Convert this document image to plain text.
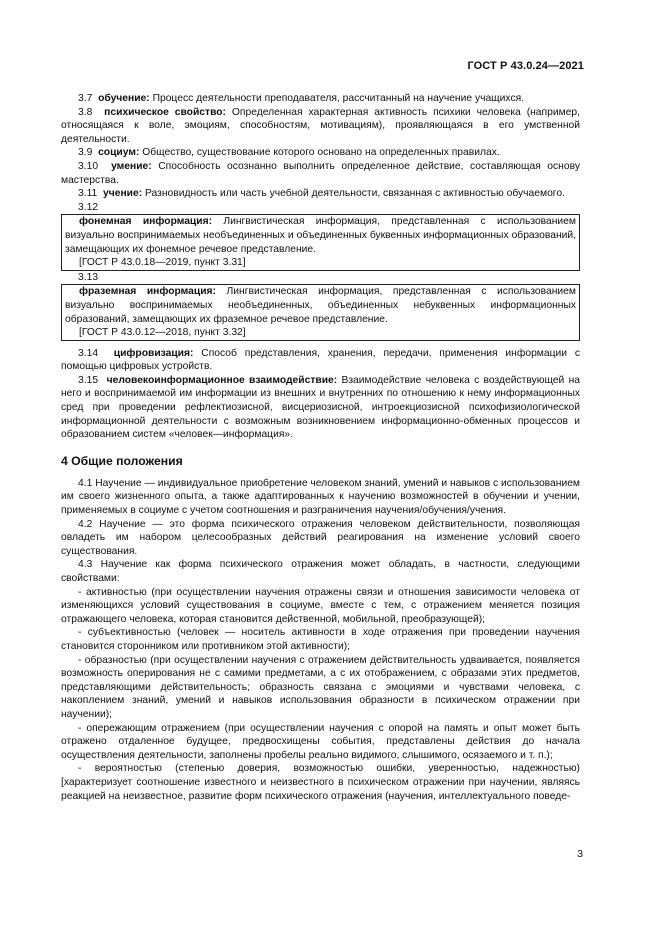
ГОСТ Р 43.0.24—2021

3.7 обучение: Процесс деятельности преподавателя, рассчитанный на научение учащихся.

3.8 психическое свойство: Определенная характерная активность психики человека (например, относящаяся к воле, эмоциям, способностям, мотивациям), проявляющаяся в его умственной деятельности.

3.9 социум: Общество, существование которого основано на определенных правилах.

3.10 умение: Способность осознанно выполнить определенное действие, составляющая основу мастерства.

3.11 учение: Разновидность или часть учебной деятельности, связанная с активностью обучаемого.

3.12

фонемная информация: Лингвистическая информация, представленная с использованием визуально воспринимаемых необъединенных и объединенных буквенных информационных образований, замещающих их фонемное речевое представление.

[ГОСТ Р 43.0.18—2019, пункт 3.31]

3.13

фраземная информация: Лингвистическая информация, представленная с использованием визуально воспринимаемых необъединенных, объединенных небуквенных информационных образований, замещающих их фраземное речевое представление.

[ГОСТ Р 43.0.12—2018, пункт 3.32]

3.14 цифровизация: Способ представления, хранения, передачи, применения информации с помощью цифровых устройств.

3.15 человекоинформационное взаимодействие: Взаимодействие человека с воздействующей на него и воспринимаемой им информации из внешних и внутренних по отношению к нему информационных сред при проведении рефлектиозисной, висцериозисной, интроекциозисной психофизиологической информационной деятельности с возможным возникновением информационно-обменных процессов и образованием систем «человек—информация».

4 Общие положения

4.1 Научение — индивидуальное приобретение человеком знаний, умений и навыков с использованием им своего жизненного опыта, а также адаптированных к научению возможностей в обучении и учении, применяемых в социуме с учетом соотношения и разграничения научения/обучения/учения.

4.2 Научение — это форма психического отражения человеком действительности, позволяющая овладеть им набором целесообразных действий реагирования на изменение условий своего существования.

4.3 Научение как форма психического отражения может обладать, в частности, следующими свойствами:

- активностью (при осуществлении научения отражены связи и отношения зависимости человека от изменяющихся условий существования в социуме, вместе с тем, с отражением меняется позиция отражающего человека, которая становится действенной, мобильной, преобразующей);

- субъективностью (человек — носитель активности в ходе отражения при проведении научения становится сторонником или противником этой активности);

- образностью (при осуществлении научения с отражением действительность удваивается, появляется возможность оперирования не с самими предметами, а с их отображением, с образами этих предметов, представляющими действительность; образность связана с эмоциями и чувствами человека, с накоплением знаний, умений и навыков использования образности в психическом отражении при научении);

- опережающим отражением (при осуществлении научения с опорой на память и опыт может быть отражено отдаленное будущее, предвосхищены события, представлены действия до начала осуществления деятельности, заполнены пробелы реально видимого, слышимого, осязаемого и т. п.);

- вероятностью (степенью доверия, возможностью ошибки, уверенностью, надежностью) [характеризует соотношение известного и неизвестного в психическом отражении при научении, являясь реакцией на неизвестное, развитие форм психического отражения (научения, интеллектуального поведе-

3
